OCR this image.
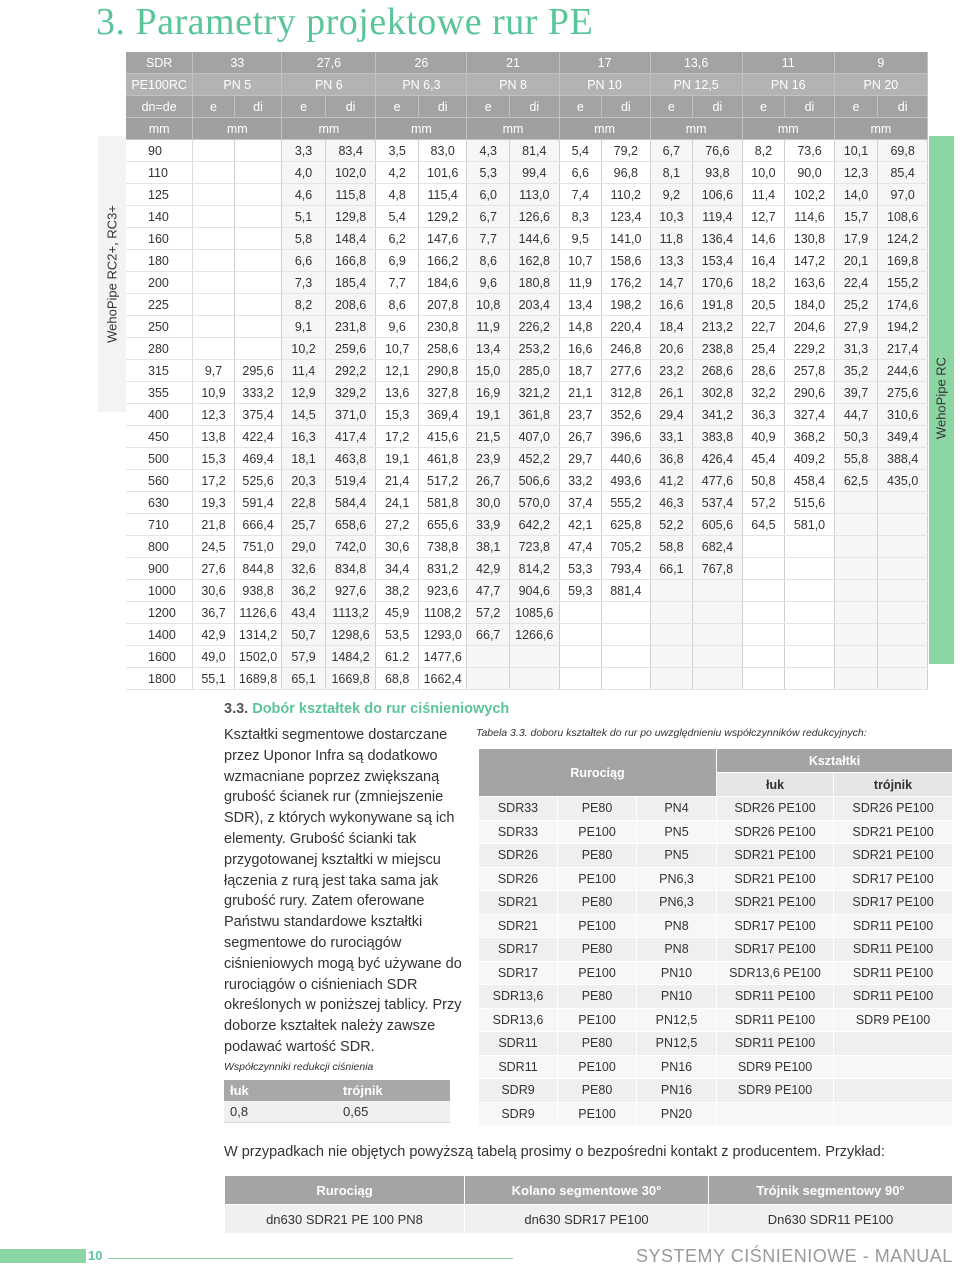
3. Parametry projektowe rur PE
WehoPipe RC2+, RC3+
WehoPipe RC
SDR	33		27,6		26		21		17		13,6		11		9	
PE100RC	PN 5		PN 6		PN 6,3		PN 8		PN 10		PN 12,5		PN 16		PN 20	
dn=de	e	di	e	di	e	di	e	di	e	di	e	di	e	di	e	di
mm	mm		mm		mm		mm		mm		mm		mm		mm	
90			3,3	83,4	3,5	83,0	4,3	81,4	5,4	79,2	6,7	76,6	8,2	73,6	10,1	69,8
110			4,0	102,0	4,2	101,6	5,3	99,4	6,6	96,8	8,1	93,8	10,0	90,0	12,3	85,4
125			4,6	115,8	4,8	115,4	6,0	113,0	7,4	110,2	9,2	106,6	11,4	102,2	14,0	97,0
140			5,1	129,8	5,4	129,2	6,7	126,6	8,3	123,4	10,3	119,4	12,7	114,6	15,7	108,6
160			5,8	148,4	6,2	147,6	7,7	144,6	9,5	141,0	11,8	136,4	14,6	130,8	17,9	124,2
180			6,6	166,8	6,9	166,2	8,6	162,8	10,7	158,6	13,3	153,4	16,4	147,2	20,1	169,8
200			7,3	185,4	7,7	184,6	9,6	180,8	11,9	176,2	14,7	170,6	18,2	163,6	22,4	155,2
225			8,2	208,6	8,6	207,8	10,8	203,4	13,4	198,2	16,6	191,8	20,5	184,0	25,2	174,6
250			9,1	231,8	9,6	230,8	11,9	226,2	14,8	220,4	18,4	213,2	22,7	204,6	27,9	194,2
280			10,2	259,6	10,7	258,6	13,4	253,2	16,6	246,8	20,6	238,8	25,4	229,2	31,3	217,4
315	9,7	295,6	11,4	292,2	12,1	290,8	15,0	285,0	18,7	277,6	23,2	268,6	28,6	257,8	35,2	244,6
355	10,9	333,2	12,9	329,2	13,6	327,8	16,9	321,2	21,1	312,8	26,1	302,8	32,2	290,6	39,7	275,6
400	12,3	375,4	14,5	371,0	15,3	369,4	19,1	361,8	23,7	352,6	29,4	341,2	36,3	327,4	44,7	310,6
450	13,8	422,4	16,3	417,4	17,2	415,6	21,5	407,0	26,7	396,6	33,1	383,8	40,9	368,2	50,3	349,4
500	15,3	469,4	18,1	463,8	19,1	461,8	23,9	452,2	29,7	440,6	36,8	426,4	45,4	409,2	55,8	388,4
560	17,2	525,6	20,3	519,4	21,4	517,2	26,7	506,6	33,2	493,6	41,2	477,6	50,8	458,4	62,5	435,0
630	19,3	591,4	22,8	584,4	24,1	581,8	30,0	570,0	37,4	555,2	46,3	537,4	57,2	515,6		
710	21,8	666,4	25,7	658,6	27,2	655,6	33,9	642,2	42,1	625,8	52,2	605,6	64,5	581,0		
800	24,5	751,0	29,0	742,0	30,6	738,8	38,1	723,8	47,4	705,2	58,8	682,4				
900	27,6	844,8	32,6	834,8	34,4	831,2	42,9	814,2	53,3	793,4	66,1	767,8				
1000	30,6	938,8	36,2	927,6	38,2	923,6	47,7	904,6	59,3	881,4						
1200	36,7	1126,6	43,4	1113,2	45,9	1108,2	57,2	1085,6								
1400	42,9	1314,2	50,7	1298,6	53,5	1293,0	66,7	1266,6								
1600	49,0	1502,0	57,9	1484,2	61.2	1477,6										
1800	55,1	1689,8	65,1	1669,8	68,8	1662,4										
3.3. Dobór kształtek do rur ciśnieniowych

Kształtki segmentowe dostarczane przez Uponor Infra są dodatkowo wzmacniane poprzez zwiększaną grubość ścianek rur (zmniejszenie SDR), z których wykonywane są ich elementy. Grubość ścianki tak przygotowanej kształtki w miejscu łączenia z rurą jest taka sama jak grubość rury. Zatem oferowane Państwu standardowe kształtki segmentowe do rurociągów ciśnieniowych mogą być używane do rurociągów o ciśnieniach SDR określonych w poniższej tablicy. Przy doborze kształtek należy zawsze podawać wartość SDR.

Współczynniki redukcji ciśnienia

łuk	trójnik
0,8	0,65

Tabela 3.3. doboru kształtek do rur po uwzględnieniu współczynników redukcyjnych:

Rurociąg			Kształtki	
			łuk	trójnik
SDR33	PE80	PN4	SDR26 PE100	SDR26 PE100
SDR33	PE100	PN5	SDR26 PE100	SDR21 PE100
SDR26	PE80	PN5	SDR21 PE100	SDR21 PE100
SDR26	PE100	PN6,3	SDR21 PE100	SDR17 PE100
SDR21	PE80	PN6,3	SDR21 PE100	SDR17 PE100
SDR21	PE100	PN8	SDR17 PE100	SDR11 PE100
SDR17	PE80	PN8	SDR17 PE100	SDR11 PE100
SDR17	PE100	PN10	SDR13,6 PE100	SDR11 PE100
SDR13,6	PE80	PN10	SDR11 PE100	SDR11 PE100
SDR13,6	PE100	PN12,5	SDR11 PE100	SDR9 PE100
SDR11	PE80	PN12,5	SDR11 PE100	
SDR11	PE100	PN16	SDR9 PE100	
SDR9	PE80	PN16	SDR9 PE100	
SDR9	PE100	PN20		

W przypadkach nie objętych powyższą tabelą prosimy o bezpośredni kontakt z producentem. Przykład:

Rurociąg	Kolano segmentowe 30°	Trójnik segmentowy 90°
dn630 SDR21 PE 100 PN8	dn630 SDR17 PE100	Dn630 SDR11 PE100
10	SYSTEMY CIŚNIENIOWE - MANUAL
